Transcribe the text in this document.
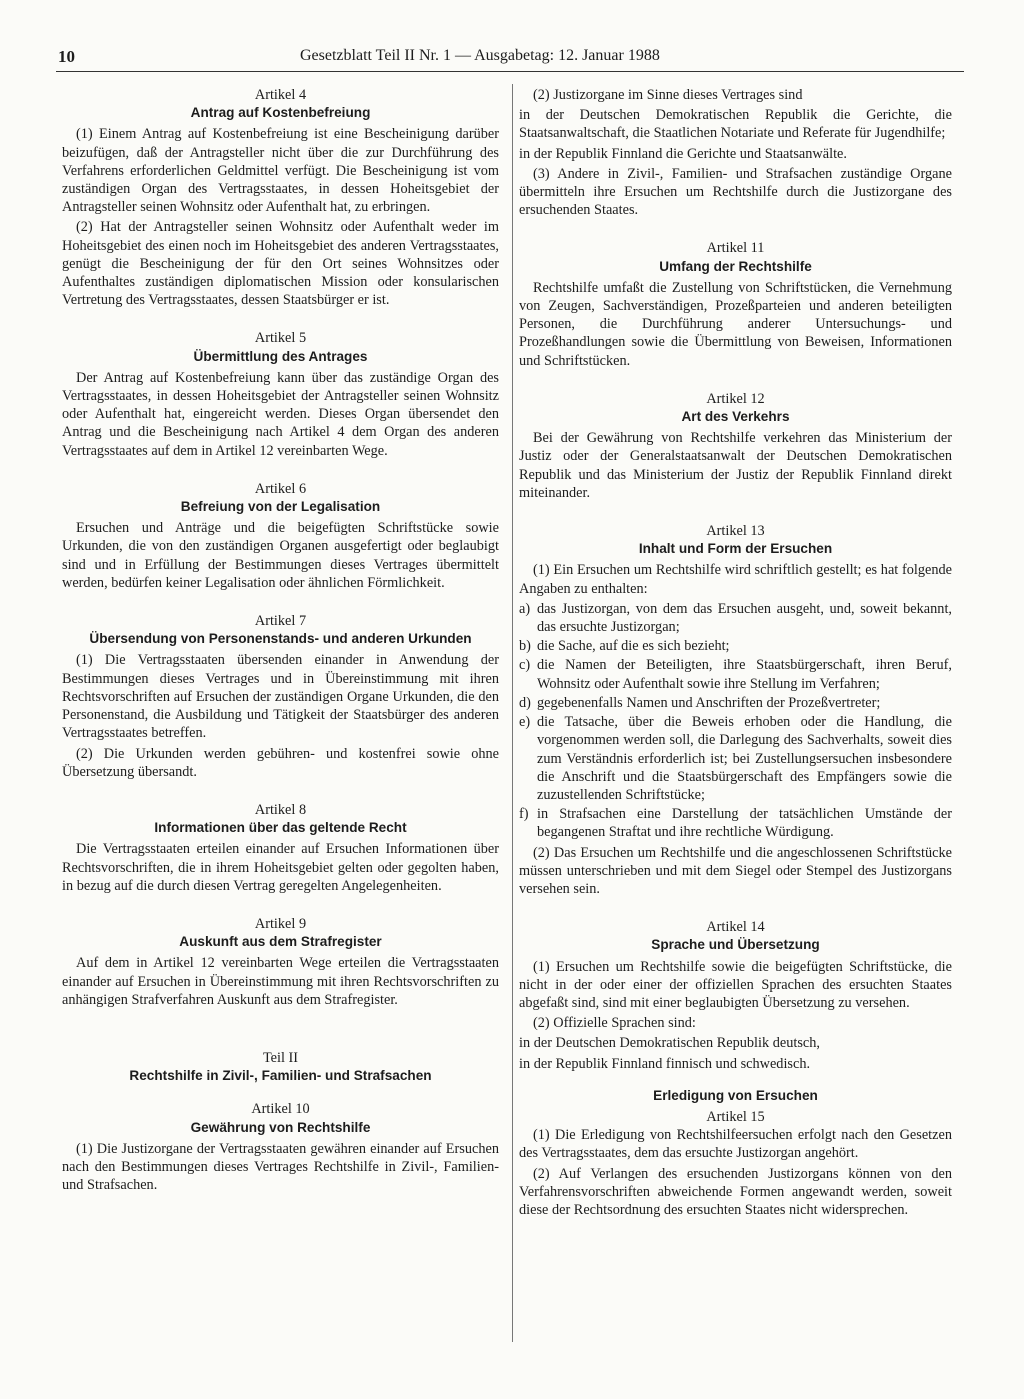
10	Gesetzblatt Teil II Nr. 1 — Ausgabetag: 12. Januar 1988
Artikel 4
Antrag auf Kostenbefreiung

(1) Einem Antrag auf Kostenbefreiung ist eine Bescheinigung darüber beizufügen, daß der Antragsteller nicht über die zur Durchführung des Verfahrens erforderlichen Geldmittel verfügt. Die Bescheinigung ist vom zuständigen Organ des Vertragsstaates, in dessen Hoheitsgebiet der Antragsteller seinen Wohnsitz oder Aufenthalt hat, zu erbringen.

(2) Hat der Antragsteller seinen Wohnsitz oder Aufenthalt weder im Hoheitsgebiet des einen noch im Hoheitsgebiet des anderen Vertragsstaates, genügt die Bescheinigung der für den Ort seines Wohnsitzes oder Aufenthaltes zuständigen diplomatischen Mission oder konsularischen Vertretung des Vertragsstaates, dessen Staatsbürger er ist.

Artikel 5
Übermittlung des Antrages

Der Antrag auf Kostenbefreiung kann über das zuständige Organ des Vertragsstaates, in dessen Hoheitsgebiet der Antragsteller seinen Wohnsitz oder Aufenthalt hat, eingereicht werden. Dieses Organ übersendet den Antrag und die Bescheinigung nach Artikel 4 dem Organ des anderen Vertragsstaates auf dem in Artikel 12 vereinbarten Wege.

Artikel 6
Befreiung von der Legalisation

Ersuchen und Anträge und die beigefügten Schriftstücke sowie Urkunden, die von den zuständigen Organen ausgefertigt oder beglaubigt sind und in Erfüllung der Bestimmungen dieses Vertrages übermittelt werden, bedürfen keiner Legalisation oder ähnlichen Förmlichkeit.

Artikel 7
Übersendung von Personenstands- und anderen Urkunden

(1) Die Vertragsstaaten übersenden einander in Anwendung der Bestimmungen dieses Vertrages und in Übereinstimmung mit ihren Rechtsvorschriften auf Ersuchen der zuständigen Organe Urkunden, die den Personenstand, die Ausbildung und Tätigkeit der Staatsbürger des anderen Vertragsstaates betreffen.

(2) Die Urkunden werden gebühren- und kostenfrei sowie ohne Übersetzung übersandt.

Artikel 8
Informationen über das geltende Recht

Die Vertragsstaaten erteilen einander auf Ersuchen Informationen über Rechtsvorschriften, die in ihrem Hoheitsgebiet gelten oder gegolten haben, in bezug auf die durch diesen Vertrag geregelten Angelegenheiten.

Artikel 9
Auskunft aus dem Strafregister

Auf dem in Artikel 12 vereinbarten Wege erteilen die Vertragsstaaten einander auf Ersuchen in Übereinstimmung mit ihren Rechtsvorschriften zu anhängigen Strafverfahren Auskunft aus dem Strafregister.

Teil II
Rechtshilfe in Zivil-, Familien- und Strafsachen
Artikel 10
Gewährung von Rechtshilfe

(1) Die Justizorgane der Vertragsstaaten gewähren einander auf Ersuchen nach den Bestimmungen dieses Vertrages Rechtshilfe in Zivil-, Familien- und Strafsachen.

(2) Justizorgane im Sinne dieses Vertrages sind

in der Deutschen Demokratischen Republik die Gerichte, die Staatsanwaltschaft, die Staatlichen Notariate und Referate für Jugendhilfe;

in der Republik Finnland die Gerichte und Staatsanwälte.

(3) Andere in Zivil-, Familien- und Strafsachen zuständige Organe übermitteln ihre Ersuchen um Rechtshilfe durch die Justizorgane des ersuchenden Staates.

Artikel 11
Umfang der Rechtshilfe

Rechtshilfe umfaßt die Zustellung von Schriftstücken, die Vernehmung von Zeugen, Sachverständigen, Prozeßparteien und anderen beteiligten Personen, die Durchführung anderer Untersuchungs- und Prozeßhandlungen sowie die Übermittlung von Beweisen, Informationen und Schriftstücken.

Artikel 12
Art des Verkehrs

Bei der Gewährung von Rechtshilfe verkehren das Ministerium der Justiz oder der Generalstaatsanwalt der Deutschen Demokratischen Republik und das Ministerium der Justiz der Republik Finnland direkt miteinander.

Artikel 13
Inhalt und Form der Ersuchen

(1) Ein Ersuchen um Rechtshilfe wird schriftlich gestellt; es hat folgende Angaben zu enthalten:

a) das Justizorgan, von dem das Ersuchen ausgeht, und, soweit bekannt, das ersuchte Justizorgan;
b) die Sache, auf die es sich bezieht;
c) die Namen der Beteiligten, ihre Staatsbürgerschaft, ihren Beruf, Wohnsitz oder Aufenthalt sowie ihre Stellung im Verfahren;
d) gegebenenfalls Namen und Anschriften der Prozeßvertreter;
e) die Tatsache, über die Beweis erhoben oder die Handlung, die vorgenommen werden soll, die Darlegung des Sachverhalts, soweit dies zum Verständnis erforderlich ist; bei Zustellungsersuchen insbesondere die Anschrift und die Staatsbürgerschaft des Empfängers sowie die zuzustellenden Schriftstücke;
f) in Strafsachen eine Darstellung der tatsächlichen Umstände der begangenen Straftat und ihre rechtliche Würdigung.

(2) Das Ersuchen um Rechtshilfe und die angeschlossenen Schriftstücke müssen unterschrieben und mit dem Siegel oder Stempel des Justizorgans versehen sein.

Artikel 14
Sprache und Übersetzung

(1) Ersuchen um Rechtshilfe sowie die beigefügten Schriftstücke, die nicht in der oder einer der offiziellen Sprachen des ersuchten Staates abgefaßt sind, sind mit einer beglaubigten Übersetzung zu versehen.

(2) Offizielle Sprachen sind:

in der Deutschen Demokratischen Republik deutsch,

in der Republik Finnland finnisch und schwedisch.

Erledigung von Ersuchen
Artikel 15

(1) Die Erledigung von Rechtshilfeersuchen erfolgt nach den Gesetzen des Vertragsstaates, dem das ersuchte Justizorgan angehört.

(2) Auf Verlangen des ersuchenden Justizorgans können von den Verfahrensvorschriften abweichende Formen angewandt werden, soweit diese der Rechtsordnung des ersuchten Staates nicht widersprechen.
